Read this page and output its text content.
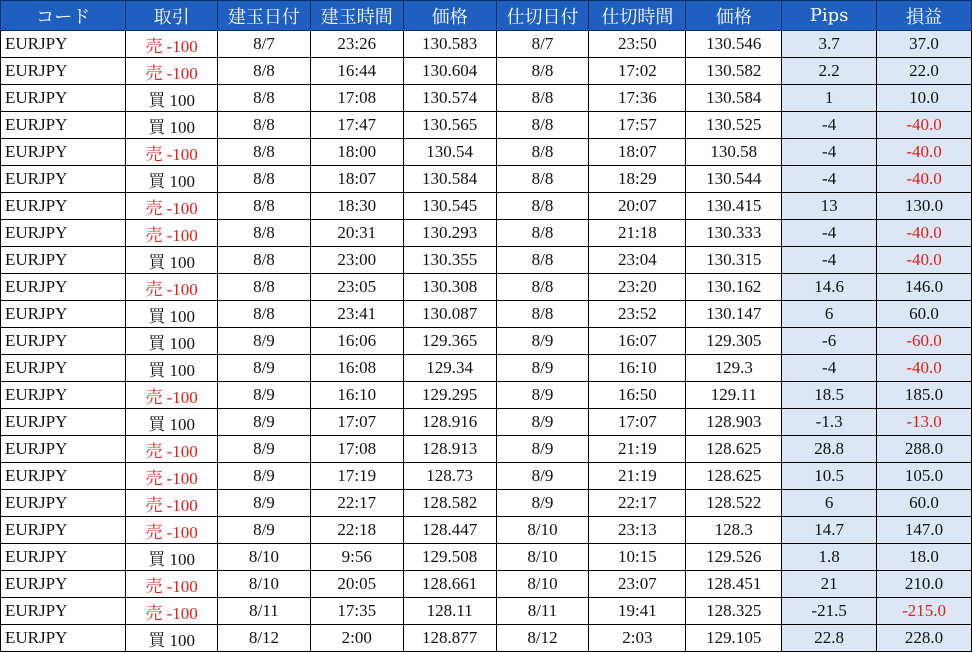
コード	取引	建玉日付	建玉時間	価格	仕切日付	仕切時間	価格	Pips	損益
EURJPY	売 -100	8/7	23:26	130.583	8/7	23:50	130.546	3.7	37.0
EURJPY	売 -100	8/8	16:44	130.604	8/8	17:02	130.582	2.2	22.0
EURJPY	買 100	8/8	17:08	130.574	8/8	17:36	130.584	1	10.0
EURJPY	買 100	8/8	17:47	130.565	8/8	17:57	130.525	-4	-40.0
EURJPY	売 -100	8/8	18:00	130.54	8/8	18:07	130.58	-4	-40.0
EURJPY	買 100	8/8	18:07	130.584	8/8	18:29	130.544	-4	-40.0
EURJPY	売 -100	8/8	18:30	130.545	8/8	20:07	130.415	13	130.0
EURJPY	売 -100	8/8	20:31	130.293	8/8	21:18	130.333	-4	-40.0
EURJPY	買 100	8/8	23:00	130.355	8/8	23:04	130.315	-4	-40.0
EURJPY	売 -100	8/8	23:05	130.308	8/8	23:20	130.162	14.6	146.0
EURJPY	買 100	8/8	23:41	130.087	8/8	23:52	130.147	6	60.0
EURJPY	買 100	8/9	16:06	129.365	8/9	16:07	129.305	-6	-60.0
EURJPY	買 100	8/9	16:08	129.34	8/9	16:10	129.3	-4	-40.0
EURJPY	売 -100	8/9	16:10	129.295	8/9	16:50	129.11	18.5	185.0
EURJPY	買 100	8/9	17:07	128.916	8/9	17:07	128.903	-1.3	-13.0
EURJPY	売 -100	8/9	17:08	128.913	8/9	21:19	128.625	28.8	288.0
EURJPY	売 -100	8/9	17:19	128.73	8/9	21:19	128.625	10.5	105.0
EURJPY	売 -100	8/9	22:17	128.582	8/9	22:17	128.522	6	60.0
EURJPY	売 -100	8/9	22:18	128.447	8/10	23:13	128.3	14.7	147.0
EURJPY	買 100	8/10	9:56	129.508	8/10	10:15	129.526	1.8	18.0
EURJPY	売 -100	8/10	20:05	128.661	8/10	23:07	128.451	21	210.0
EURJPY	売 -100	8/11	17:35	128.11	8/11	19:41	128.325	-21.5	-215.0
EURJPY	買 100	8/12	2:00	128.877	8/12	2:03	129.105	22.8	228.0
